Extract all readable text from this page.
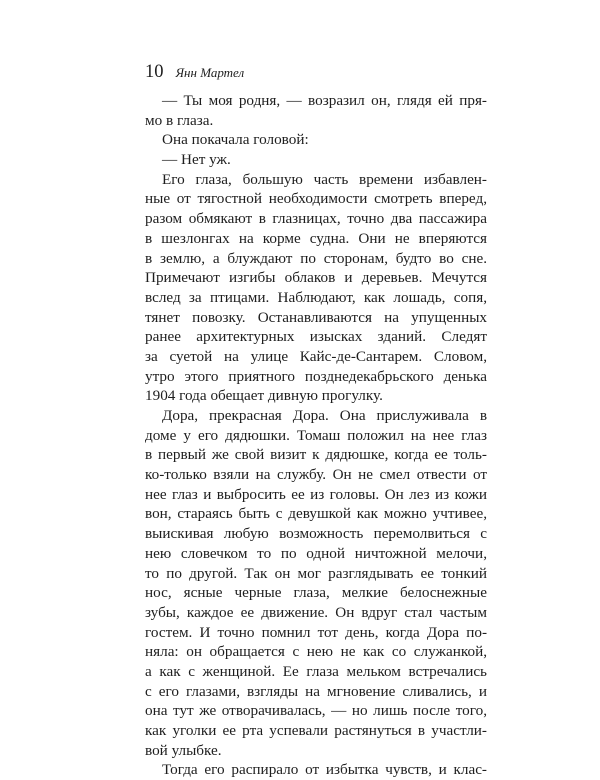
10 Янн Мартел
— Ты моя родня, — возразил он, глядя ей пря-
мо в глаза.
Она покачала головой:
— Нет уж.
Его глаза, большую часть времени избавлен-
ные от тягостной необходимости смотреть вперед,
разом обмякают в глазницах, точно два пассажира
в шезлонгах на корме судна. Они не вперяются
в землю, а блуждают по сторонам, будто во сне.
Примечают изгибы облаков и деревьев. Мечутся
вслед за птицами. Наблюдают, как лошадь, сопя,
тянет повозку. Останавливаются на упущенных
ранее архитектурных изысках зданий. Следят
за суетой на улице Кайс-де-Сантарем. Словом,
утро этого приятного позднедекабрьского денька
1904 года обещает дивную прогулку.
Дора, прекрасная Дора. Она прислуживала в
доме у его дядюшки. Томаш положил на нее глаз
в первый же свой визит к дядюшке, когда ее толь-
ко-только взяли на службу. Он не смел отвести от
нее глаз и выбросить ее из головы. Он лез из кожи
вон, стараясь быть с девушкой как можно учтивее,
выискивая любую возможность перемолвиться с
нею словечком то по одной ничтожной мелочи,
то по другой. Так он мог разглядывать ее тонкий
нос, ясные черные глаза, мелкие белоснежные
зубы, каждое ее движение. Он вдруг стал частым
гостем. И точно помнил тот день, когда Дора по-
няла: он обращается с нею не как со служанкой,
а как с женщиной. Ее глаза мельком встречались
с его глазами, взгляды на мгновение сливались, и
она тут же отворачивалась, — но лишь после того,
как уголки ее рта успевали растянуться в участли-
вой улыбке.
Тогда его распирало от избытка чувств, и клас-
